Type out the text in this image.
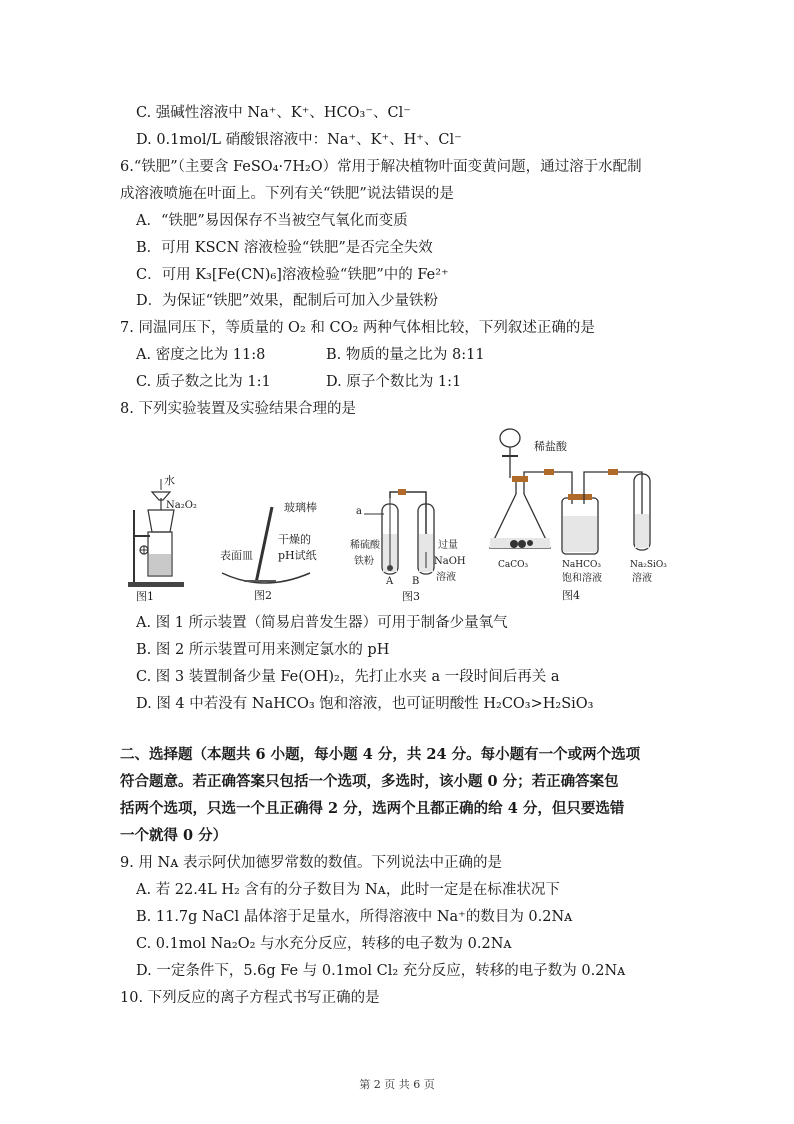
C. 强碱性溶液中 Na⁺、K⁺、HCO₃⁻、Cl⁻
D. 0.1mol/L 硝酸银溶液中：Na⁺、K⁺、H⁺、Cl⁻
6.“铁肥”（主要含 FeSO₄·7H₂O）常用于解决植物叶面变黄问题，通过溶于水配制
成溶液喷施在叶面上。下列有关“铁肥”说法错误的是
A．“铁肥”易因保存不当被空气氧化而变质
B．可用 KSCN 溶液检验“铁肥”是否完全失效
C．可用 K₃[Fe(CN)₆]溶液检验“铁肥”中的 Fe²⁺
D．为保证“铁肥”效果，配制后可加入少量铁粉
7. 同温同压下，等质量的 O₂ 和 CO₂ 两种气体相比较，下列叙述正确的是
A. 密度之比为 11:8	B. 物质的量之比为 8:11
C. 质子数之比为 1:1	D. 原子个数比为 1:1
8. 下列实验装置及实验结果合理的是
水
Na₂O₂
图1
玻璃棒
干燥的
pH试纸
表面皿
图2
a
稀硫酸
铁粉
A B
过量
NaOH
溶液
图3
稀盐酸
CaCO₃	NaHCO₃
饱和溶液
Na₂SiO₃
溶液
图4
A. 图 1 所示装置（简易启普发生器）可用于制备少量氧气
B. 图 2 所示装置可用来测定氯水的 pH
C. 图 3 装置制备少量 Fe(OH)₂，先打止水夹 a 一段时间后再关 a
D. 图 4 中若没有 NaHCO₃ 饱和溶液，也可证明酸性 H₂CO₃>H₂SiO₃
二、选择题（本题共 6 小题，每小题 4 分，共 24 分。每小题有一个或两个选项
符合题意。若正确答案只包括一个选项，多选时，该小题 0 分；若正确答案包
括两个选项，只选一个且正确得 2 分，选两个且都正确的给 4 分，但只要选错
一个就得 0 分）
9. 用 Nᴀ 表示阿伏加德罗常数的数值。下列说法中正确的是
A. 若 22.4L H₂ 含有的分子数目为 Nᴀ，此时一定是在标准状况下
B. 11.7g NaCl 晶体溶于足量水，所得溶液中 Na⁺的数目为 0.2Nᴀ
C. 0.1mol Na₂O₂ 与水充分反应，转移的电子数为 0.2Nᴀ
D. 一定条件下，5.6g Fe 与 0.1mol Cl₂ 充分反应，转移的电子数为 0.2Nᴀ
10. 下列反应的离子方程式书写正确的是
第 2 页 共 6 页
